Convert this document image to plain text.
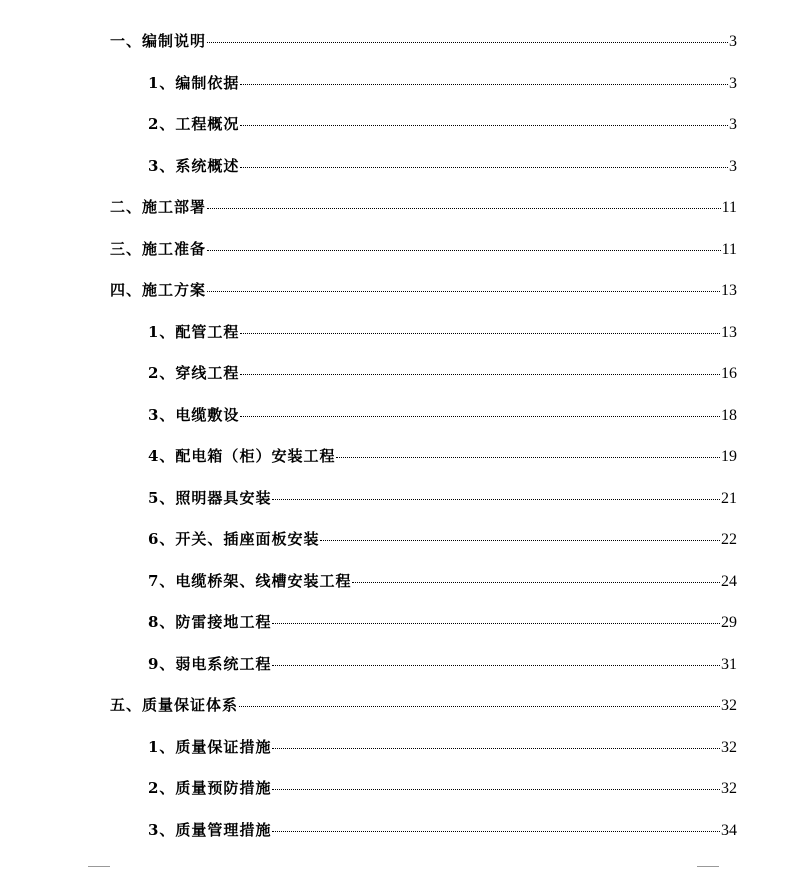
一、编制说明	3
1、编制依据	3
2、工程概况	3
3、系统概述	3
二、施工部署	11
三、施工准备	11
四、施工方案	13
1、配管工程	13
2、穿线工程	16
3、电缆敷设	18
4、配电箱（柜）安装工程	19
5、照明器具安装	21
6、开关、插座面板安装	22
7、电缆桥架、线槽安装工程	24
8、防雷接地工程	29
9、弱电系统工程	31
五、质量保证体系	32
1、质量保证措施	32
2、质量预防措施	32
3、质量管理措施	34
